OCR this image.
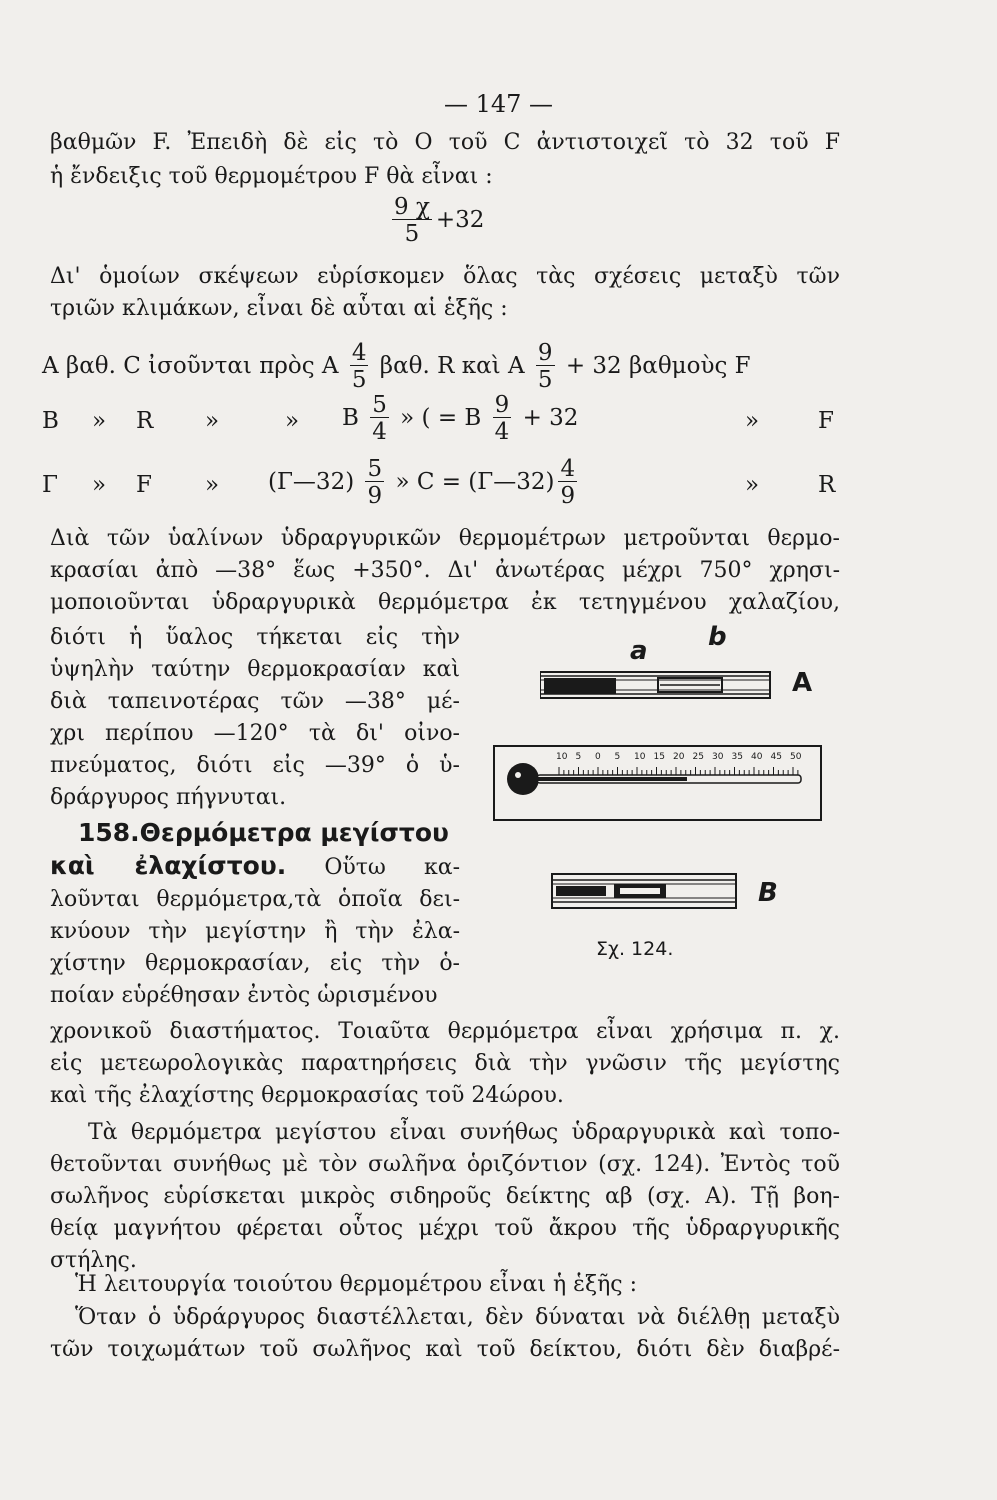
— 147 —
βαθμῶν F. Ἐπειδὴ δὲ εἰς τὸ Ο τοῦ C ἀντιστοιχεῖ τὸ 32 τοῦ F
ἡ ἔνδειξις τοῦ θερμομέτρου F θὰ εἶναι :
$\frac{9 \chi}{5} +32$
Δι' ὁμοίων σκέψεων εὑρίσκομεν ὅλας τὰς σχέσεις μεταξὺ τῶν
τριῶν κλιμάκων, εἶναι δὲ αὗται αἱ ἑξῆς :
A βαθ. C ἰσοῦνται πρὸς A $\frac{4}{5} \beta\alpha\theta$. R καὶ A $\frac{9}{5} + 32$ βαθμοὺς F
B » R »	» B $\frac{5}{4}$ » ( = B $\frac{9}{4} + 32$	»	F
Γ » F » (Γ—32) $\frac{5}{9}$ » C = (Γ—32) $\frac{4}{9}$	»	R
Διὰ τῶν ὑαλίνων ὑδραργυρικῶν θερμομέτρων μετροῦνται θερμο-
κρασίαι ἀπὸ —38° ἕως +350°. Δι' ἀνωτέρας μέχρι 750° χρησι-
μοποιοῦνται ὑδραργυρικὰ θερμόμετρα ἐκ τετηγμένου χαλαζίου,
διότι ἡ ὕαλος τήκεται εἰς τὴν
ὑψηλὴν ταύτην θερμοκρασίαν καὶ
διὰ ταπεινοτέρας τῶν —38° μέ-
χρι περίπου —120° τὰ δι' οἰνο-
πνεύματος, διότι εἰς —39° ὁ ὑ-
δράργυρος πήγνυται.
158.Θερμόμετρα μεγίστου
καὶ ἐλαχίστου. Οὕτω κα-
λοῦνται θερμόμετρα,τὰ ὁποῖα δει-
κνύουν τὴν μεγίστην ἢ τὴν ἐλα-
χίστην θερμοκρασίαν, εἰς τὴν ὁ-
ποίαν εὑρέθησαν ἐντὸς ὡρισμένου
χρονικοῦ διαστήματος. Τοιαῦτα θερμόμετρα εἶναι χρήσιμα π. χ.
εἰς μετεωρολογικὰς παρατηρήσεις διὰ τὴν γνῶσιν τῆς μεγίστης
καὶ τῆς ἐλαχίστης θερμοκρασίας τοῦ 24ώρου.
Τὰ θερμόμετρα μεγίστου εἶναι συνήθως ὑδραργυρικὰ καὶ τοπο-
θετοῦνται συνήθως μὲ τὸν σωλῆνα ὁριζόντιον (σχ. 124). Ἐντὸς τοῦ
σωλῆνος εὑρίσκεται μικρὸς σιδηροῦς δείκτης αβ (σχ. Α). Τῇ βοη-
θείᾳ μαγνήτου φέρεται οὗτος μέχρι τοῦ ἄκρου τῆς ὑδραργυρικῆς
στήλης.
Ἡ λειτουργία τοιούτου θερμομέτρου εἶναι ἡ ἑξῆς :
Ὅταν ὁ ὑδράργυρος διαστέλλεται, δὲν δύναται νὰ διέλθῃ μεταξὺ
τῶν τοιχωμάτων τοῦ σωλῆνος καὶ τοῦ δείκτου, διότι δὲν διαβρέ-
a b
A
10 5 0 5 10 15 20 25 30 35 40 45 50
B
Σχ. 124.
